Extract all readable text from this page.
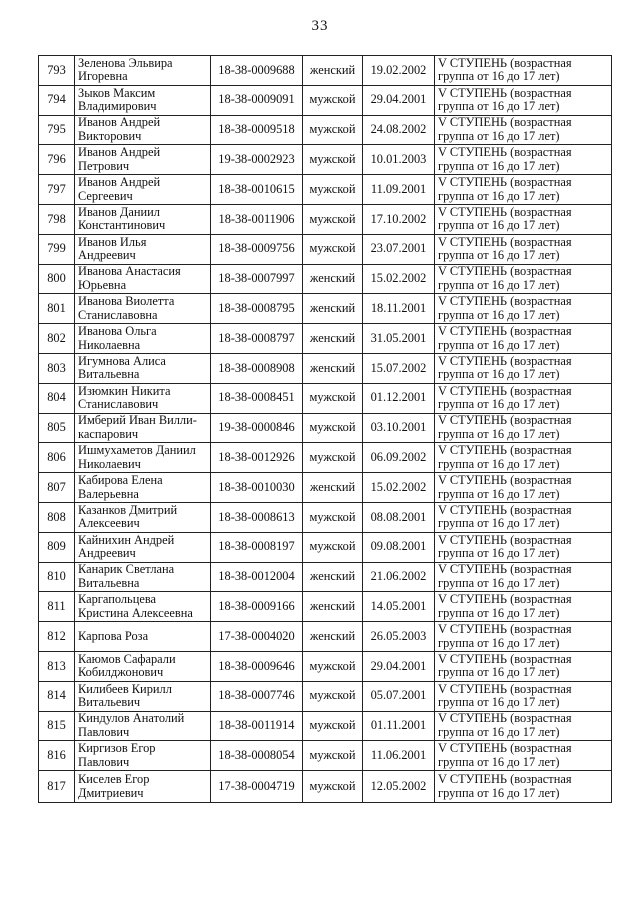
33
793	Зеленова Эльвира
Игоревна	18-38-0009688	женский	19.02.2002	V СТУПЕНЬ (возрастная
группа от 16 до 17 лет)

794	Зыков Максим
Владимирович	18-38-0009091	мужской	29.04.2001	V СТУПЕНЬ (возрастная
группа от 16 до 17 лет)

795	Иванов Андрей
Викторович	18-38-0009518	мужской	24.08.2002	V СТУПЕНЬ (возрастная
группа от 16 до 17 лет)

796	Иванов Андрей
Петрович	19-38-0002923	мужской	10.01.2003	V СТУПЕНЬ (возрастная
группа от 16 до 17 лет)

797	Иванов Андрей
Сергеевич	18-38-0010615	мужской	11.09.2001	V СТУПЕНЬ (возрастная
группа от 16 до 17 лет)

798	Иванов Даниил
Константинович	18-38-0011906	мужской	17.10.2002	V СТУПЕНЬ (возрастная
группа от 16 до 17 лет)

799	Иванов Илья
Андреевич	18-38-0009756	мужской	23.07.2001	V СТУПЕНЬ (возрастная
группа от 16 до 17 лет)

800	Иванова Анастасия
Юрьевна	18-38-0007997	женский	15.02.2002	V СТУПЕНЬ (возрастная
группа от 16 до 17 лет)

801	Иванова Виолетта
Станиславовна	18-38-0008795	женский	18.11.2001	V СТУПЕНЬ (возрастная
группа от 16 до 17 лет)

802	Иванова Ольга
Николаевна	18-38-0008797	женский	31.05.2001	V СТУПЕНЬ (возрастная
группа от 16 до 17 лет)

803	Игумнова Алиса
Витальевна	18-38-0008908	женский	15.07.2002	V СТУПЕНЬ (возрастная
группа от 16 до 17 лет)

804	Изюмкин Никита
Станиславович	18-38-0008451	мужской	01.12.2001	V СТУПЕНЬ (возрастная
группа от 16 до 17 лет)

805	Имберий Иван Вилли-
каспарович	19-38-0000846	мужской	03.10.2001	V СТУПЕНЬ (возрастная
группа от 16 до 17 лет)

806	Ишмухаметов Даниил
Николаевич	18-38-0012926	мужской	06.09.2002	V СТУПЕНЬ (возрастная
группа от 16 до 17 лет)

807	Кабирова Елена
Валерьевна	18-38-0010030	женский	15.02.2002	V СТУПЕНЬ (возрастная
группа от 16 до 17 лет)

808	Казанков Дмитрий
Алексеевич	18-38-0008613	мужской	08.08.2001	V СТУПЕНЬ (возрастная
группа от 16 до 17 лет)

809	Кайнихин Андрей
Андреевич	18-38-0008197	мужской	09.08.2001	V СТУПЕНЬ (возрастная
группа от 16 до 17 лет)

810	Канарик Светлана
Витальевна	18-38-0012004	женский	21.06.2002	V СТУПЕНЬ (возрастная
группа от 16 до 17 лет)

811	Каргапольцева
Кристина Алексеевна	18-38-0009166	женский	14.05.2001	V СТУПЕНЬ (возрастная
группа от 16 до 17 лет)

812	Карпова Роза	17-38-0004020	женский	26.05.2003	V СТУПЕНЬ (возрастная
группа от 16 до 17 лет)

813	Каюмов Сафарали
Кобилджонович	18-38-0009646	мужской	29.04.2001	V СТУПЕНЬ (возрастная
группа от 16 до 17 лет)

814	Килибеев Кирилл
Витальевич	18-38-0007746	мужской	05.07.2001	V СТУПЕНЬ (возрастная
группа от 16 до 17 лет)

815	Киндулов Анатолий
Павлович	18-38-0011914	мужской	01.11.2001	V СТУПЕНЬ (возрастная
группа от 16 до 17 лет)

816	Киргизов Егор
Павлович	18-38-0008054	мужской	11.06.2001	V СТУПЕНЬ (возрастная
группа от 16 до 17 лет)

817	Киселев Егор
Дмитриевич	17-38-0004719	мужской	12.05.2002	V СТУПЕНЬ (возрастная
группа от 16 до 17 лет)
